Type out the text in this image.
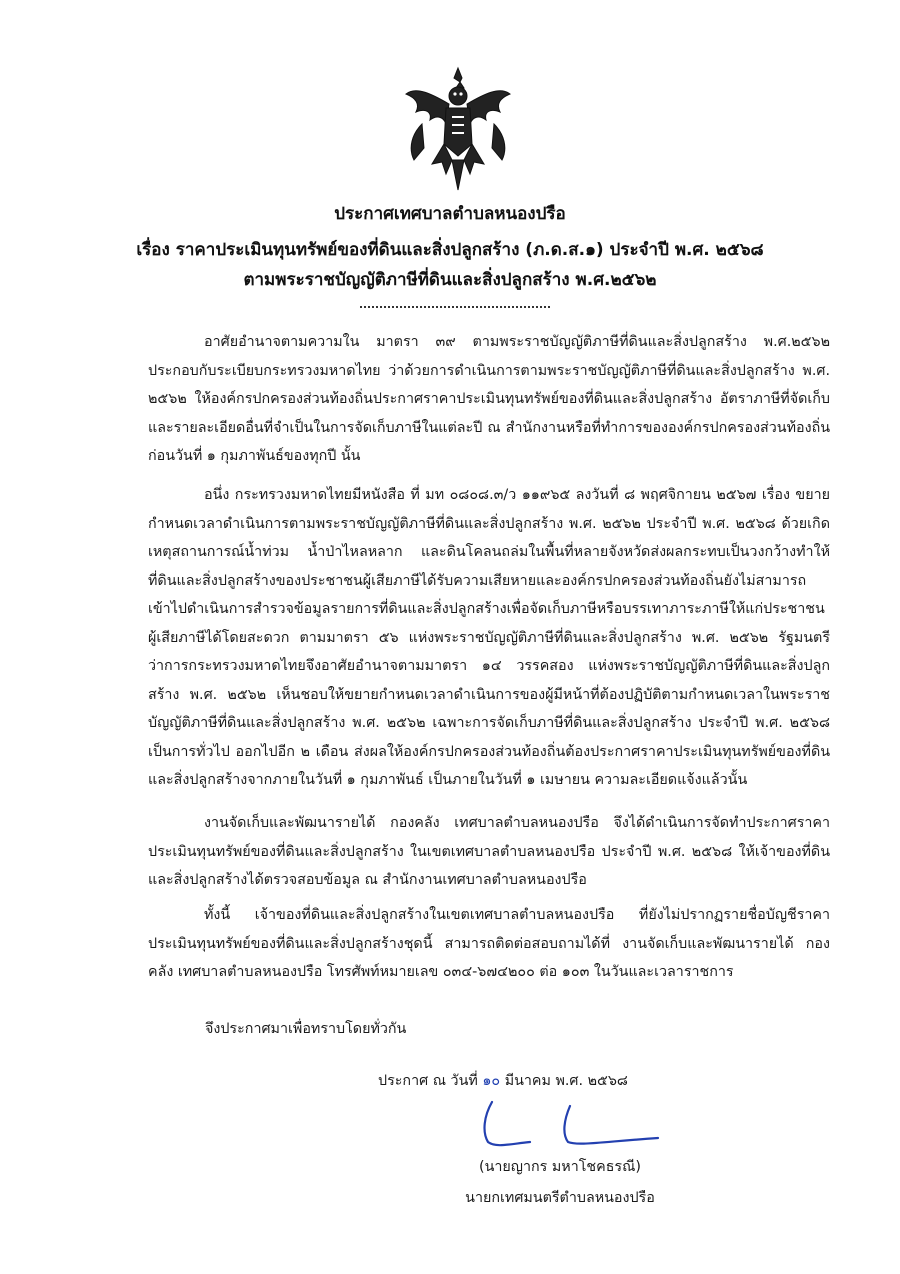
ประกาศเทศบาลตำบลหนองปรือ
เรื่อง ราคาประเมินทุนทรัพย์ของที่ดินและสิ่งปลูกสร้าง (ภ.ด.ส.๑) ประจำปี พ.ศ. ๒๕๖๘
ตามพระราชบัญญัติภาษีที่ดินและสิ่งปลูกสร้าง พ.ศ.๒๕๖๒

อาศัยอำนาจตามความใน มาตรา ๓๙ ตามพระราชบัญญัติภาษีที่ดินและสิ่งปลูกสร้าง พ.ศ.๒๕๖๒ ประกอบกับระเบียบกระทรวงมหาดไทย ว่าด้วยการดำเนินการตามพระราชบัญญัติภาษีที่ดินและสิ่งปลูกสร้าง พ.ศ. ๒๕๖๒ ให้องค์กรปกครองส่วนท้องถิ่นประกาศราคาประเมินทุนทรัพย์ของที่ดินและสิ่งปลูกสร้าง อัตราภาษีที่จัดเก็บ และรายละเอียดอื่นที่จำเป็นในการจัดเก็บภาษีในแต่ละปี ณ สำนักงานหรือที่ทำการขององค์กรปกครองส่วนท้องถิ่นก่อนวันที่ ๑ กุมภาพันธ์ของทุกปี นั้น

อนึ่ง กระทรวงมหาดไทยมีหนังสือ ที่ มท ๐๘๐๘.๓/ว ๑๑๙๖๕ ลงวันที่ ๘ พฤศจิกายน ๒๕๖๗ เรื่อง ขยายกำหนดเวลาดำเนินการตามพระราชบัญญัติภาษีที่ดินและสิ่งปลูกสร้าง พ.ศ. ๒๕๖๒ ประจำปี พ.ศ. ๒๕๖๘ ด้วยเกิดเหตุสถานการณ์น้ำท่วม น้ำป่าไหลหลาก และดินโคลนถล่มในพื้นที่หลายจังหวัดส่งผลกระทบเป็นวงกว้างทำให้ที่ดินและสิ่งปลูกสร้างของประชาชนผู้เสียภาษีได้รับความเสียหายและองค์กรปกครองส่วนท้องถิ่นยังไม่สามารถเข้าไปดำเนินการสำรวจข้อมูลรายการที่ดินและสิ่งปลูกสร้างเพื่อจัดเก็บภาษีหรือบรรเทาภาระภาษีให้แก่ประชาชนผู้เสียภาษีได้โดยสะดวก ตามมาตรา ๕๖ แห่งพระราชบัญญัติภาษีที่ดินและสิ่งปลูกสร้าง พ.ศ. ๒๕๖๒ รัฐมนตรีว่าการกระทรวงมหาดไทยจึงอาศัยอำนาจตามมาตรา ๑๔ วรรคสอง แห่งพระราชบัญญัติภาษีที่ดินและสิ่งปลูกสร้าง พ.ศ. ๒๕๖๒ เห็นชอบให้ขยายกำหนดเวลาดำเนินการของผู้มีหน้าที่ต้องปฏิบัติตามกำหนดเวลาในพระราชบัญญัติภาษีที่ดินและสิ่งปลูกสร้าง พ.ศ. ๒๕๖๒ เฉพาะการจัดเก็บภาษีที่ดินและสิ่งปลูกสร้าง ประจำปี พ.ศ. ๒๕๖๘ เป็นการทั่วไป ออกไปอีก ๒ เดือน ส่งผลให้องค์กรปกครองส่วนท้องถิ่นต้องประกาศราคาประเมินทุนทรัพย์ของที่ดินและสิ่งปลูกสร้างจากภายในวันที่ ๑ กุมภาพันธ์ เป็นภายในวันที่ ๑ เมษายน ความละเอียดแจ้งแล้วนั้น

งานจัดเก็บและพัฒนารายได้ กองคลัง เทศบาลตำบลหนองปรือ จึงได้ดำเนินการจัดทำประกาศราคาประเมินทุนทรัพย์ของที่ดินและสิ่งปลูกสร้าง ในเขตเทศบาลตำบลหนองปรือ ประจำปี พ.ศ. ๒๕๖๘ ให้เจ้าของที่ดินและสิ่งปลูกสร้างได้ตรวจสอบข้อมูล ณ สำนักงานเทศบาลตำบลหนองปรือ

ทั้งนี้ เจ้าของที่ดินและสิ่งปลูกสร้างในเขตเทศบาลตำบลหนองปรือ ที่ยังไม่ปรากฏรายชื่อบัญชีราคาประเมินทุนทรัพย์ของที่ดินและสิ่งปลูกสร้างชุดนี้ สามารถติดต่อสอบถามได้ที่ งานจัดเก็บและพัฒนารายได้ กองคลัง เทศบาลตำบลหนองปรือ โทรศัพท์หมายเลข ๐๓๔-๖๗๔๒๐๐ ต่อ ๑๐๓ ในวันและเวลาราชการ

จึงประกาศมาเพื่อทราบโดยทั่วกัน
ประกาศ ณ วันที่ ๑๐ มีนาคม พ.ศ. ๒๕๖๘
(นายญากร มหาโชคธรณี)
นายกเทศมนตรีตำบลหนองปรือ
